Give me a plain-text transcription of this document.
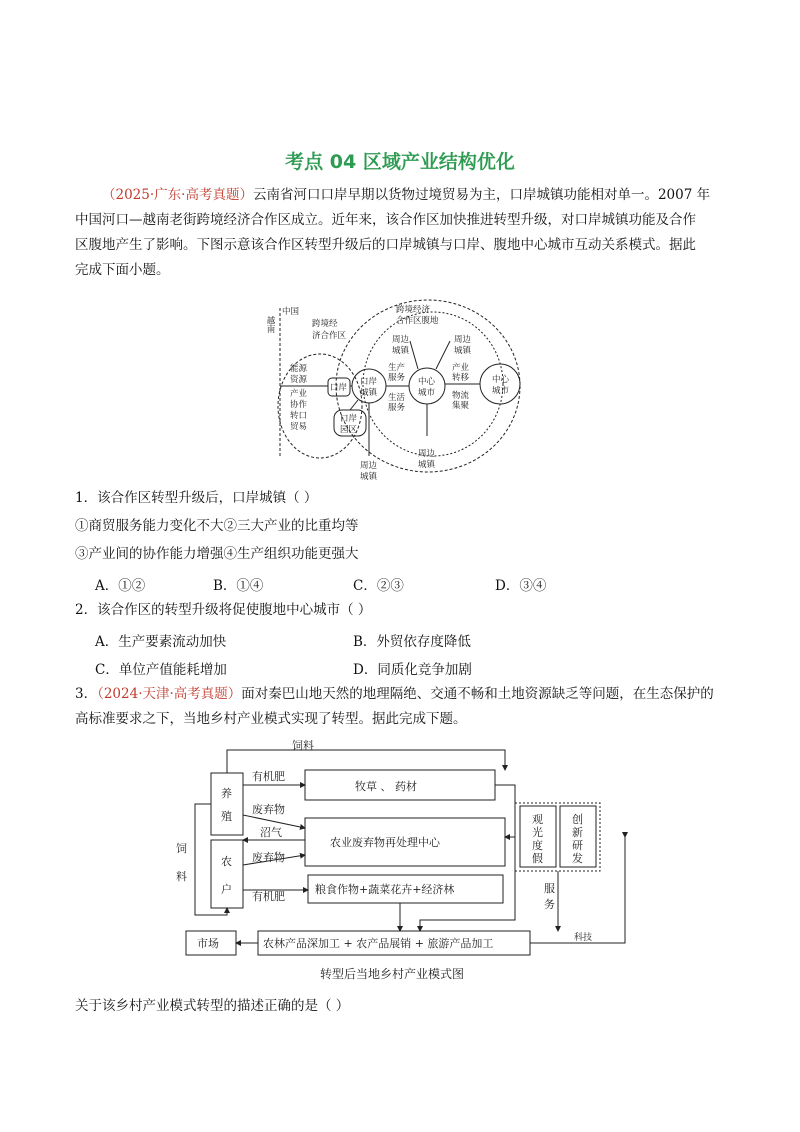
考点 04 区域产业结构优化
（2025·广东·高考真题）云南省河口口岸早期以货物过境贸易为主，口岸城镇功能相对单一。2007 年
中国河口—越南老街跨境经济合作区成立。近年来，该合作区加快推进转型升级，对口岸城镇功能及合作
区腹地产生了影响。下图示意该合作区转型升级后的口岸城镇与口岸、腹地中心城市互动关系模式。据此
完成下面小题。
越南
中国
跨境经
济合作区
跨境经济
合作区腹地
能源
资源
产业
协作
转口
贸易
口岸
口岸
城镇
口岸
园区
中心
城市
中心
城市
周边
城镇
周边
城镇
生产
服务
生活
服务
产业
转移
物流
集聚
周边
城镇
周边
城镇
1．该合作区转型升级后，口岸城镇（ ）
①商贸服务能力变化不大②三大产业的比重均等
③产业间的协作能力增强④生产组织功能更强大
A．①②	B．①④	C．②③	D．③④
2．该合作区的转型升级将促使腹地中心城市（ ）
A．生产要素流动加快	B．外贸依存度降低
C．单位产值能耗增加	D．同质化竞争加剧
3．（2024·天津·高考真题）面对秦巴山地天然的地理隔绝、交通不畅和土地资源缺乏等问题，在生态保护的
高标准要求之下，当地乡村产业模式实现了转型。据此完成下题。
饲料
饲
料
养
殖
农
户
有机肥
废弃物
沼气
废弃物
有机肥
牧草 、 药材
农业废弃物再处理中心
粮食作物+蔬菜花卉+经济林
农林产品深加工 + 农产品展销 + 旅游产品加工
市场
观
光
度
假
创
新
研
发
服
务
科技
转型后当地乡村产业模式图
关于该乡村产业模式转型的描述正确的是（ ）
